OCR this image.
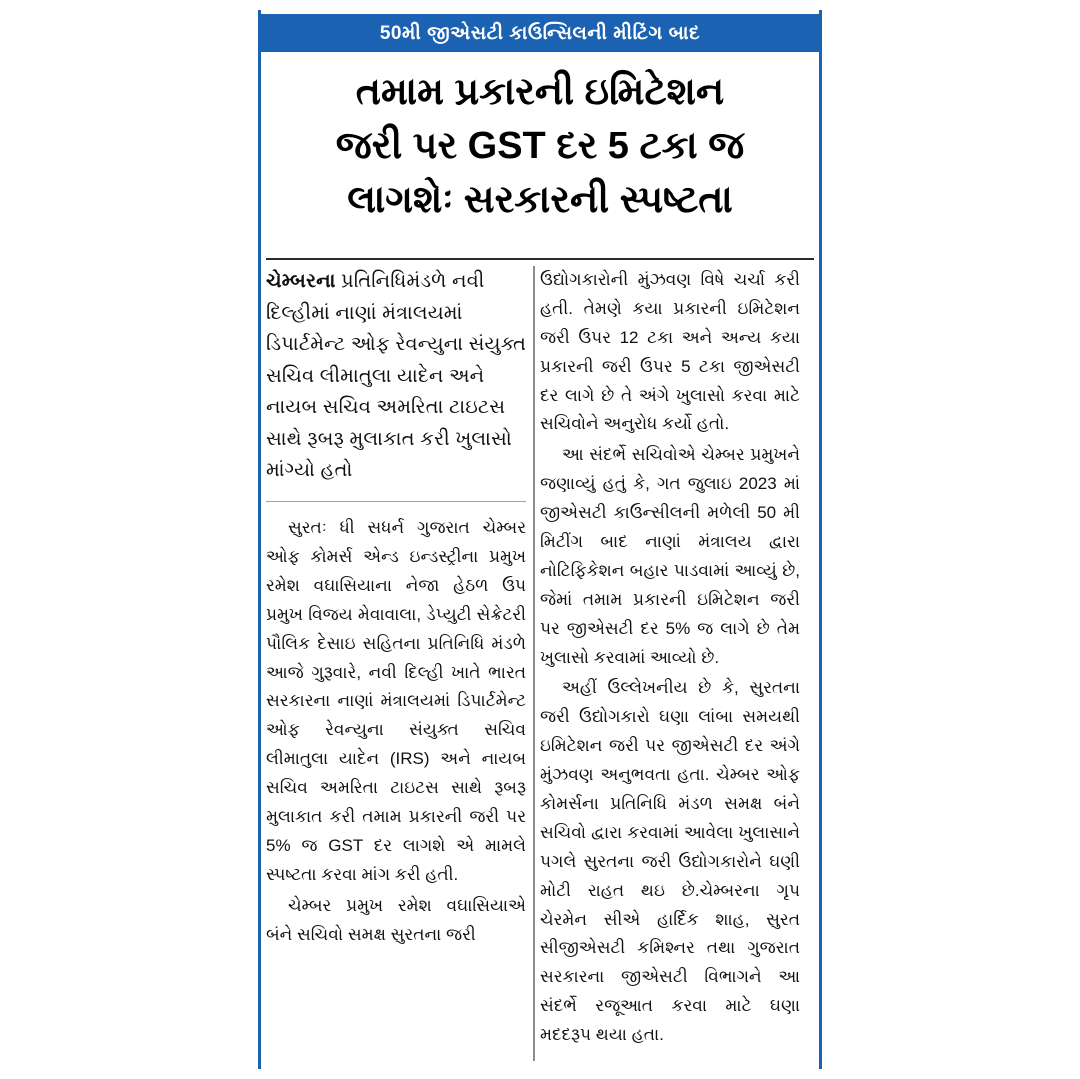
50મી જીએસટી કાઉન્સિલની મીટિંગ બાદ
તમામ પ્રકારની ઇમિટેશન
જરી પર GST દર 5 ટકા જ
લાગશેઃ સરકારની સ્પષ્ટતા
ચેમ્બરના પ્રતિનિધિમંડળે નવી દિલ્હીમાં નાણાં મંત્રાલયમાં ડિપાર્ટમેન્ટ ઓફ રેવન્યુના સંયુક્ત સચિવ લીમાતુલા યાદેન અને નાયબ સચિવ અમરિતા ટાઇટસ સાથે રૂબરૂ મુલાકાત કરી ખુલાસો માંગ્યો હતો

સુરતઃ ધી સધર્ન ગુજરાત ચેમ્બર ઓફ કોમર્સ એન્ડ ઇન્ડસ્ટ્રીના પ્રમુખ રમેશ વઘાસિયાના નેજા હેઠળ ઉપ પ્રમુખ વિજય મેવાવાલા, ડેપ્યુટી સેક્રેટરી પૌલિક દેસાઇ સહિતના પ્રતિનિધિ મંડળે આજે ગુરૂવારે, નવી દિલ્હી ખાતે ભારત સરકારના નાણાં મંત્રાલયમાં ડિપાર્ટમેન્ટ ઓફ રેવન્યુના સંયુક્ત સચિવ લીમાતુલા યાદેન (IRS) અને નાયબ સચિવ અમરિતા ટાઇટસ સાથે રૂબરૂ મુલાકાત કરી તમામ પ્રકારની જરી પર 5% જ GST દર લાગશે એ મામલે સ્પષ્ટતા કરવા માંગ કરી હતી.

ચેમ્બર પ્રમુખ રમેશ વઘાસિયાએ બંને સચિવો સમક્ષ સુરતના જરી

ઉદ્યોગકારોની મુંઝવણ વિષે ચર્ચા કરી હતી. તેમણે કયા પ્રકારની ઇમિટેશન જરી ઉપર 12 ટકા અને અન્ય કયા પ્રકારની જરી ઉપર 5 ટકા જીએસટી દર લાગે છે તે અંગે ખુલાસો કરવા માટે સચિવોને અનુરોધ કર્યો હતો.

આ સંદર્ભે સચિવોએ ચેમ્બર પ્રમુખને જણાવ્યું હતું કે, ગત જુલાઇ 2023 માં જીએસટી કાઉન્સીલની મળેલી 50 મી મિટીંગ બાદ નાણાં મંત્રાલય દ્વારા નોટિફિકેશન બહાર પાડવામાં આવ્યું છે, જેમાં તમામ પ્રકારની ઇમિટેશન જરી પર જીએસટી દર 5% જ લાગે છે તેમ ખુલાસો કરવામાં આવ્યો છે.

અહીં ઉલ્લેખનીય છે કે, સુરતના જરી ઉદ્યોગકારો ઘણા લાંબા સમયથી ઇમિટેશન જરી પર જીએસટી દર અંગે મુંઝવણ અનુભવતા હતા. ચેમ્બર ઓફ કોમર્સના પ્રતિનિધિ મંડળ સમક્ષ બંને સચિવો દ્વારા કરવામાં આવેલા ખુલાસાને પગલે સુરતના જરી ઉદ્યોગકારોને ઘણી મોટી રાહત થઇ છે.ચેમ્બરના ગૃપ ચેરમેન સીએ હાર્દિક શાહ, સુરત સીજીએસટી કમિશ્નર તથા ગુજરાત સરકારના જીએસટી વિભાગને આ સંદર્ભે રજૂઆત કરવા માટે ઘણા મદદરૂપ થયા હતા.
